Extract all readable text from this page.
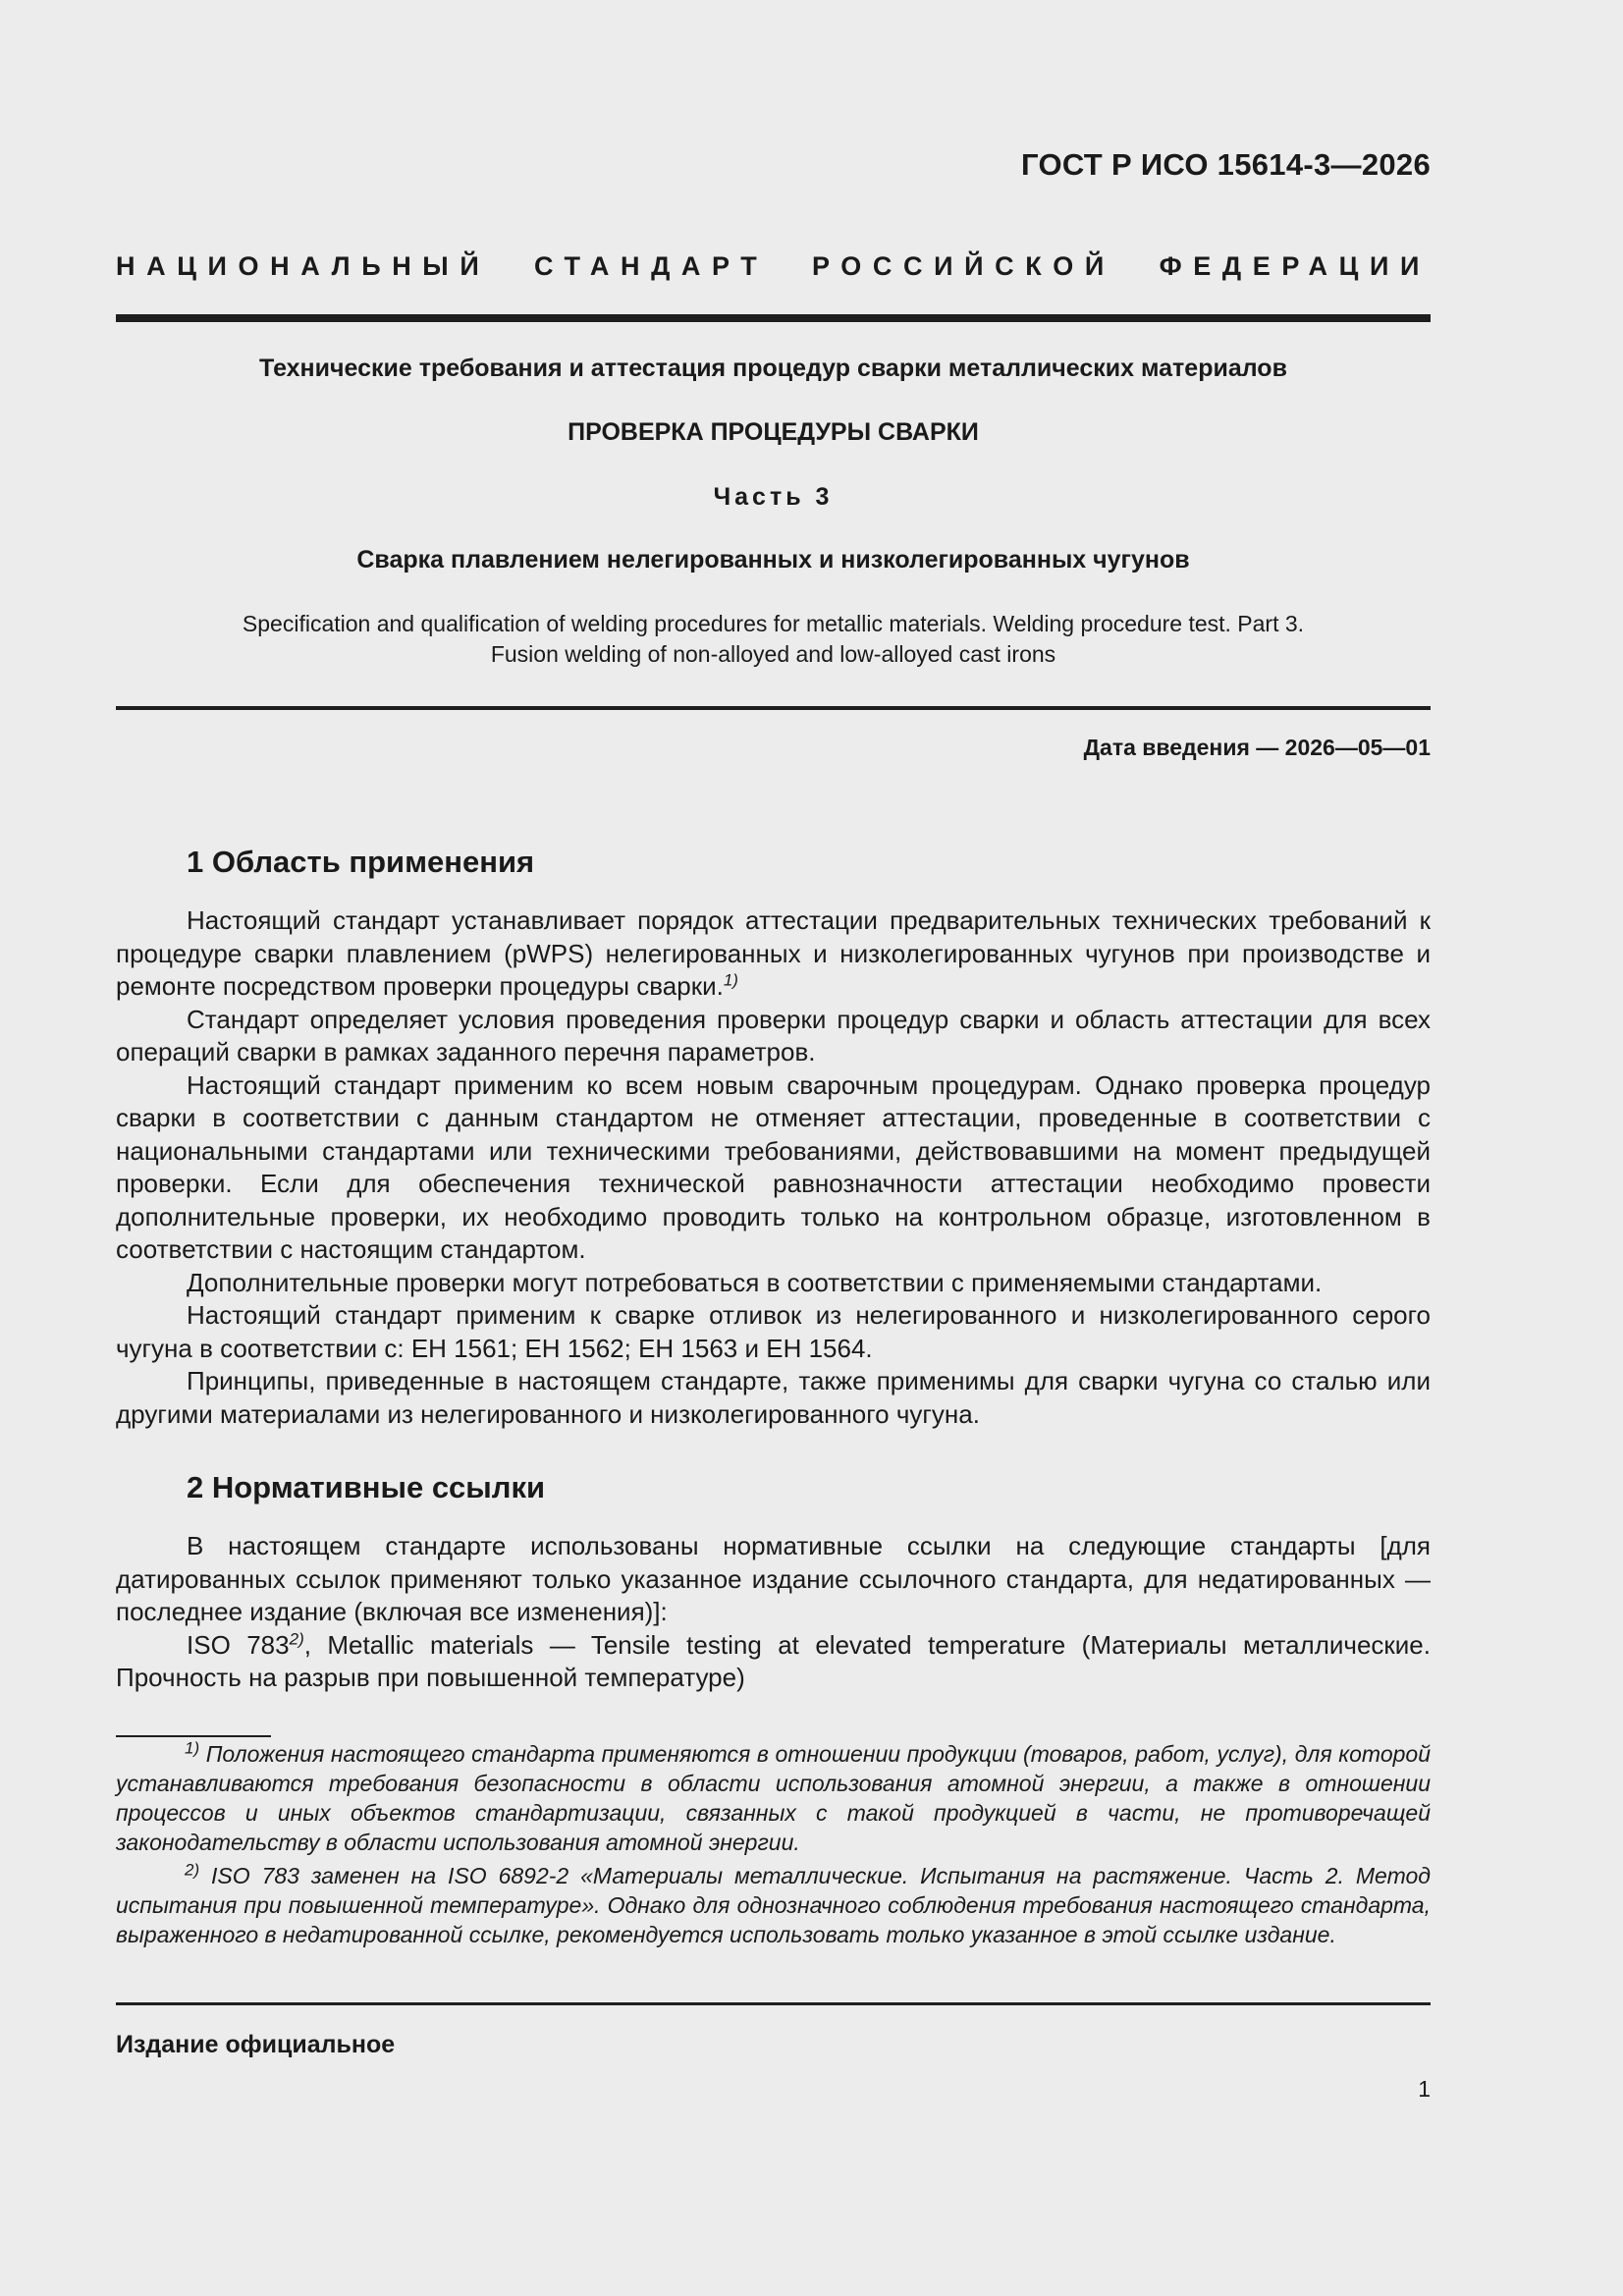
ГОСТ Р ИСО 15614-3—2026
НАЦИОНАЛЬНЫЙ СТАНДАРТ РОССИЙСКОЙ ФЕДЕРАЦИИ
Технические требования и аттестация процедур сварки металлических материалов
ПРОВЕРКА ПРОЦЕДУРЫ СВАРКИ
Часть 3
Сварка плавлением нелегированных и низколегированных чугунов
Specification and qualification of welding procedures for metallic materials. Welding procedure test. Part 3.
Fusion welding of non-alloyed and low-alloyed cast irons
Дата введения — 2026—05—01
1 Область применения

Настоящий стандарт устанавливает порядок аттестации предварительных технических требований к процедуре сварки плавлением (pWPS) нелегированных и низколегированных чугунов при производстве и ремонте посредством проверки процедуры сварки.$^{1)}$

Стандарт определяет условия проведения проверки процедур сварки и область аттестации для всех операций сварки в рамках заданного перечня параметров.

Настоящий стандарт применим ко всем новым сварочным процедурам. Однако проверка процедур сварки в соответствии с данным стандартом не отменяет аттестации, проведенные в соответствии с национальными стандартами или техническими требованиями, действовавшими на момент предыдущей проверки. Если для обеспечения технической равнозначности аттестации необходимо провести дополнительные проверки, их необходимо проводить только на контрольном образце, изготовленном в соответствии с настоящим стандартом.

Дополнительные проверки могут потребоваться в соответствии с применяемыми стандартами.

Настоящий стандарт применим к сварке отливок из нелегированного и низколегированного серого чугуна в соответствии с: ЕН 1561; ЕН 1562; ЕН 1563 и ЕН 1564.

Принципы, приведенные в настоящем стандарте, также применимы для сварки чугуна со сталью или другими материалами из нелегированного и низколегированного чугуна.

2 Нормативные ссылки

В настоящем стандарте использованы нормативные ссылки на следующие стандарты [для датированных ссылок применяют только указанное издание ссылочного стандарта, для недатированных — последнее издание (включая все изменения)]:

ISO 783$^{2)}$, Metallic materials — Tensile testing at elevated temperature (Материалы металлические. Прочность на разрыв при повышенной температуре)

$^{1)}$ Положения настоящего стандарта применяются в отношении продукции (товаров, работ, услуг), для которой устанавливаются требования безопасности в области использования атомной энергии, а также в отношении процессов и иных объектов стандартизации, связанных с такой продукцией в части, не противоречащей законодательству в области использования атомной энергии.

$^{2)}$ ISO 783 заменен на ISO 6892-2 «Материалы металлические. Испытания на растяжение. Часть 2. Метод испытания при повышенной температуре». Однако для однозначного соблюдения требования настоящего стандарта, выраженного в недатированной ссылке, рекомендуется использовать только указанное в этой ссылке издание.

Издание официальное
1
